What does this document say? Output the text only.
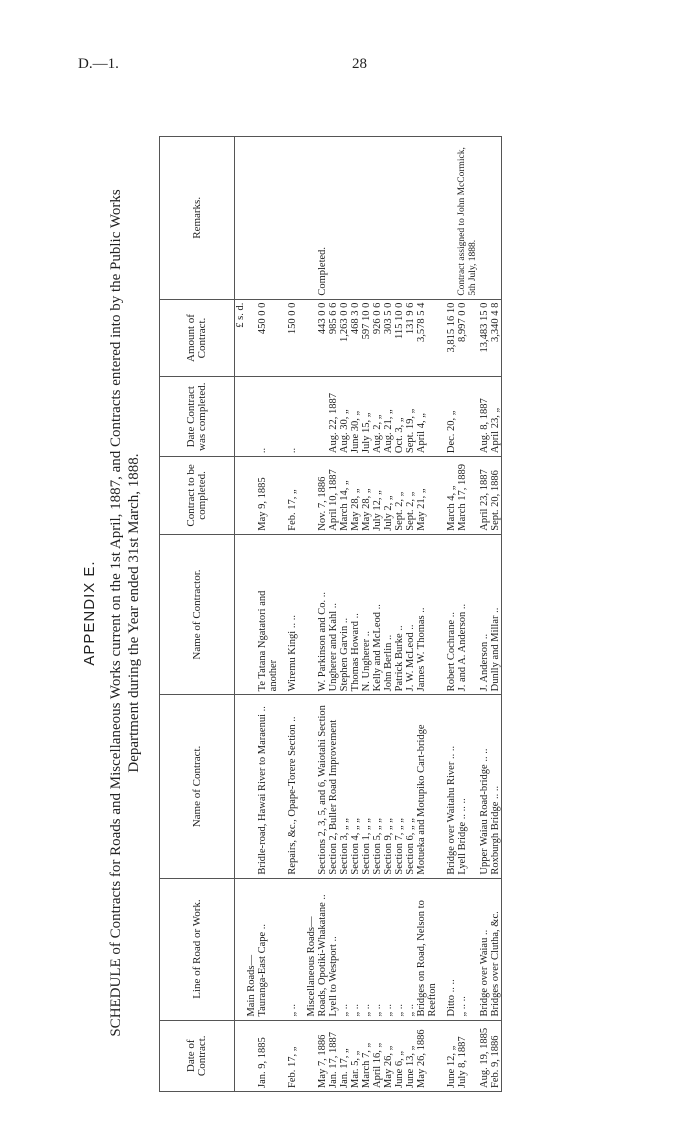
D.—1.	28
APPENDIX E. SCHEDULE of Contracts for Roads and Miscellaneous Works current on the 1st April, 1887, and Contracts entered into by the Public Works Department during the Year ended 31st March, 1888.
Date of Contract.	Line of Road or Work.	Name of Contract.	Name of Contractor.	Contract to be completed.	Date Contract was completed.	Amount of Contract.	Remarks.
						£ s. d.	
	Main Roads—						
Jan. 9, 1885	Tauranga-East Cape ..	Bridle-road, Hawai River to Maraenui ..	Te Tatana Ngatatori and	May 9, 1885	..	450 0 0	
			another				

Feb. 17, „	„ ..	Repairs, &c., Opape-Torere Section ..	Wiremu Kingi .. ..	Feb. 17, „	..	150 0 0	

	Miscellaneous Roads—						
May 7, 1886	Roads, Opotiki-Whakatane ..	Sections 2, 3, 5, and 6, Waiotahi Section	W. Parkinson and Co. ..	Nov. 7, 1886		443 0 0	Completed.
Jan. 17, 1887	Lyell to Westport ..	Section 2, Buller Road Improvement	Ungherer and Kahl ..	April 10, 1887	Aug. 22, 1887	985 6 6	
Jan. 17, „	„ ..	Section 3, „ „	Stephen Garvin ..	March 14, „	Aug. 30, „	1,263 0 0	
Mar. 5, „	„ ..	Section 4, „ „	Thomas Howard ..	May 28, „	June 30, „	468 3 0	
March 7, „	„ ..	Section 1, „ „	N. Ungherer ..	May 28, „	July 15, „	597 10 0	
April 16, „	„ ..	Section 5, „ „	Kelly and McLeod ..	July 12, „	Aug. 2, „	926 0 6	
May 26, „	„ ..	Section 9, „ „	John Berlin ..	July 2, „	Aug. 21, „	303 5 0	
June 6, „	„ ..	Section 7, „ „	Patrick Burke ..	Sept. 2, „	Oct. 3, „	115 10 0	
June 13, „	„ ..	Section 6, „ „	J. W. McLeod ..	Sept. 2, „	Sept. 19, „	131 9 6	
May 26, 1886	Bridges on Road, Nelson to	Motueka and Motupiko Cart-bridge	James W. Thomas ..	May 21, „	April 4, „	3,578 5 4	
	Reefton						

June 12, „	Ditto .. ..	Bridge over Waitahu River .. ..	Robert Cochrane ..	March 4, „	Dec. 20, „	3,815 16 10	
July 8, 1887	„ .. ..	Lyell Bridge .. .. ..	J. and A. Anderson ..	March 17, 1889		8,997 0 0	Contract assigned to John McCormick, 5th July, 1888.
Aug. 19, 1885	Bridge over Waiau ..	Upper Waiau Road-bridge .. ..	J. Anderson ..	April 23, 1887	Aug. 8, 1887	13,483 15 0	
Feb. 9, 1886	Bridges over Clutha, &c.	Roxburgh Bridge .. ..	Dunlly and Millar ..	Sept. 20, 1886	April 23, „	3,340 4 8	
